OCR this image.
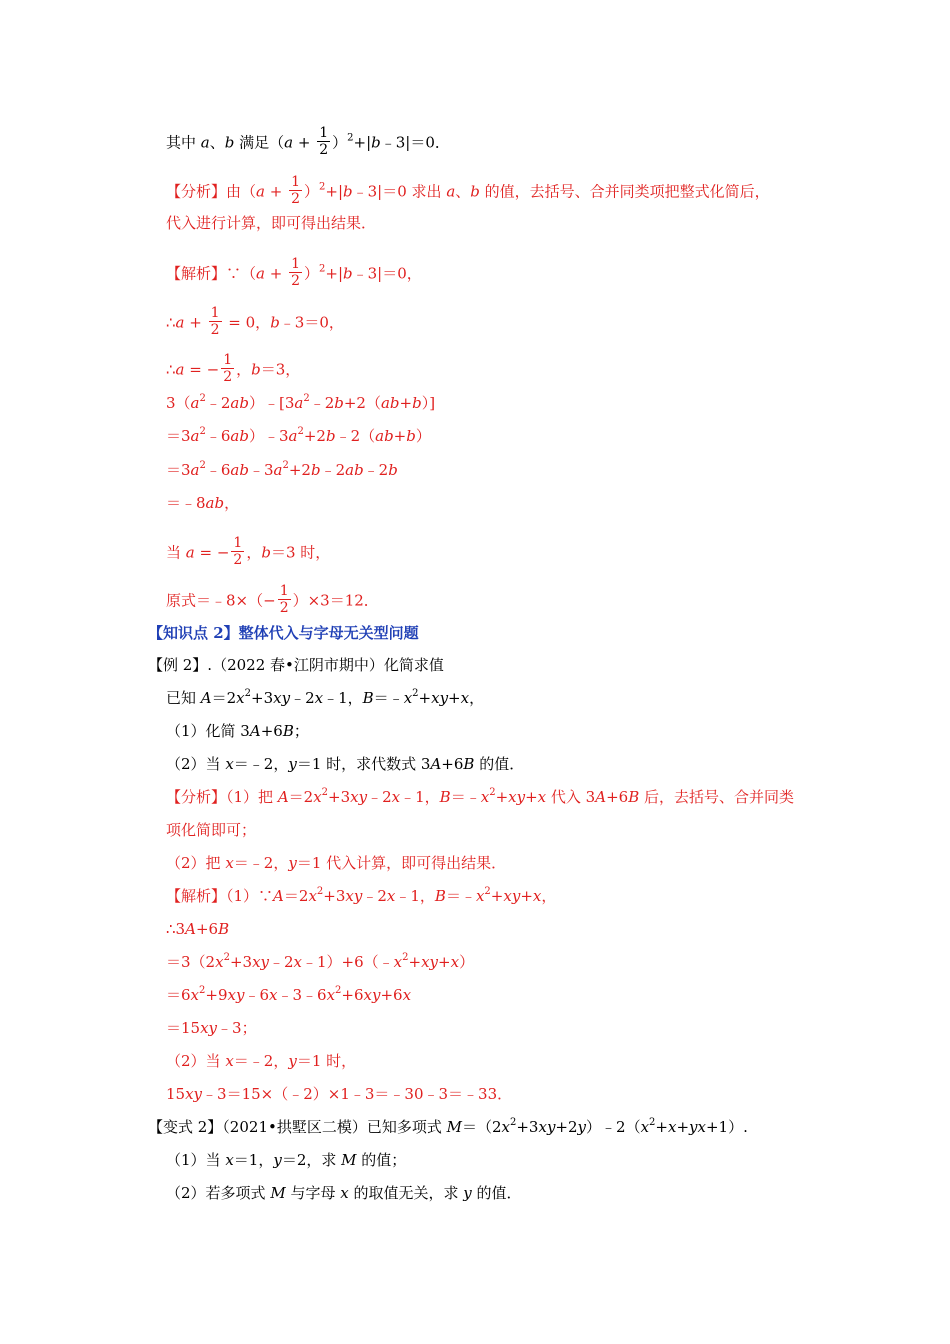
其中 a、b 满足（$a + \frac{1}{2}$ ）$^2+|b﹣3|=0$．
【分析】由（$a + \frac{1}{2}$ ）$^2+|b﹣3|=0$ 求出 a、b 的值，去括号、合并同类项把整式化简后，
代入进行计算，即可得出结果．
【解析】∵（a + $\frac{1}{2}$ ）$^2$+|b﹣3|＝0，
∴a + $\frac{1}{2} = 0$，b﹣3＝0，
∴a = − $\frac{1}{2}$ ，b＝3，
$3(a^2﹣2ab)﹣[3a^2﹣2b+2(ab+b)]$
$=3a^2﹣6ab)﹣3a^2+2b﹣2(ab+b)$
$=3a^2﹣6ab﹣3a^2+2b﹣2ab﹣2b$
＝﹣8ab，
当 a = − $\frac{1}{2}$ ，b＝3 时，
原式＝﹣8×（− $\frac{1}{2} )\times 3=12$．
【知识点 2】整体代入与字母无关型问题
【例 2】.（2022 春•江阴市期中）化简求值
已知 $A=2x^2+3xy﹣2x﹣1$，$B=﹣x^2+xy+x$，
（1）化简 3A+6B；
（2）当 x＝﹣2，y＝1 时，求代数式 3A+6B 的值．
【分析】（1）把 $A=2x^2+3xy﹣2x﹣1$，$B=﹣x^2+xy+x$ 代入 3A+6B 后，去括号、合并同类
项化简即可；
（2）把 x＝﹣2，y＝1 代入计算，即可得出结果．
【解析】$(1)\because A=2x^2+3xy﹣2x﹣1$，$B=﹣x^2+xy+x$，
∴3A+6B
$=3(2x^2+3xy﹣2x﹣1)+6(﹣x^2+xy+x)$
$=6x^2+9xy﹣6x﹣3﹣6x^2+6xy+6x$
＝15xy﹣3；
（2）当 x＝﹣2，y＝1 时，
15xy﹣3＝15×（﹣2）×1﹣3＝﹣30﹣3＝﹣33．
【变式 2】（2021•拱墅区二模）已知多项式 $M=(2x^2+3xy+2y)﹣2(x^2+x+yx+1)$.
（1）当 x＝1，y＝2，求 M 的值；
（2）若多项式 M 与字母 x 的取值无关，求 y 的值．
